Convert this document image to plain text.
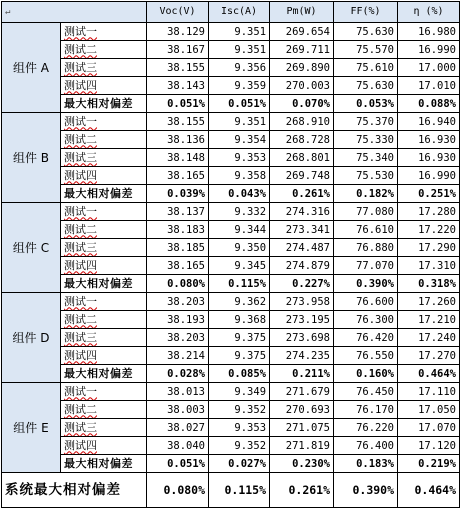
↵		Voc(V)	Isc(A)	Pm(W)	FF(%)	η (%)
组件 A	测试一	38.129	9.351	269.654	75.630	16.980
	测试二	38.167	9.351	269.711	75.570	16.990
	测试三	38.155	9.356	269.890	75.610	17.000
	测试四	38.143	9.359	270.003	75.630	17.010
	最大相对偏差	0.051%	0.051%	0.070%	0.053%	0.088%
组件 B	测试一	38.155	9.351	268.910	75.370	16.940
	测试二	38.136	9.354	268.728	75.330	16.930
	测试三	38.148	9.353	268.801	75.340	16.930
	测试四	38.165	9.358	269.748	75.530	16.990
	最大相对偏差	0.039%	0.043%	0.261%	0.182%	0.251%
组件 C	测试一	38.137	9.332	274.316	77.080	17.280
	测试二	38.183	9.344	273.341	76.610	17.220
	测试三	38.185	9.350	274.487	76.880	17.290
	测试四	38.165	9.345	274.879	77.070	17.310
	最大相对偏差	0.080%	0.115%	0.227%	0.390%	0.318%
组件 D	测试一	38.203	9.362	273.958	76.600	17.260
	测试二	38.193	9.368	273.195	76.300	17.210
	测试三	38.203	9.375	273.698	76.420	17.240
	测试四	38.214	9.375	274.235	76.550	17.270
	最大相对偏差	0.028%	0.085%	0.211%	0.160%	0.464%
组件 E	测试一	38.013	9.349	271.679	76.450	17.110
	测试二	38.003	9.352	270.693	76.170	17.050
	测试三	38.027	9.353	271.075	76.220	17.070
	测试四	38.040	9.352	271.819	76.400	17.120
	最大相对偏差	0.051%	0.027%	0.230%	0.183%	0.219%
系统最大相对偏差		0.080%	0.115%	0.261%	0.390%	0.464%
